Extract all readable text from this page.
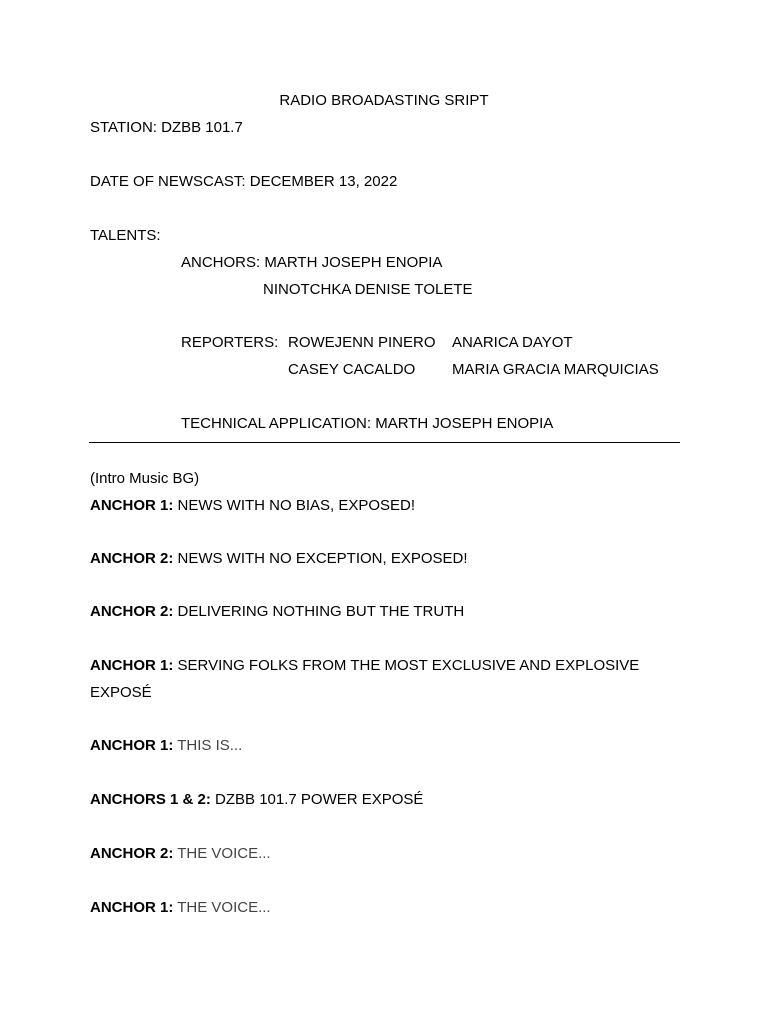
RADIO BROADASTING SRIPT
STATION: DZBB 101.7
DATE OF NEWSCAST: DECEMBER 13, 2022
TALENTS:
ANCHORS: MARTH JOSEPH ENOPIA
NINOTCHKA DENISE TOLETE
REPORTERS: ROWEJENN PINERO ANARICA DAYOT
CASEY CACALDO MARIA GRACIA MARQUICIAS
TECHNICAL APPLICATION: MARTH JOSEPH ENOPIA
(Intro Music BG)
ANCHOR 1: NEWS WITH NO BIAS, EXPOSED!
ANCHOR 2: NEWS WITH NO EXCEPTION, EXPOSED!
ANCHOR 2: DELIVERING NOTHING BUT THE TRUTH
ANCHOR 1: SERVING FOLKS FROM THE MOST EXCLUSIVE AND EXPLOSIVE
EXPOSÉ
ANCHOR 1: THIS IS...
ANCHORS 1 & 2: DZBB 101.7 POWER EXPOSÉ
ANCHOR 2: THE VOICE...
ANCHOR 1: THE VOICE...
